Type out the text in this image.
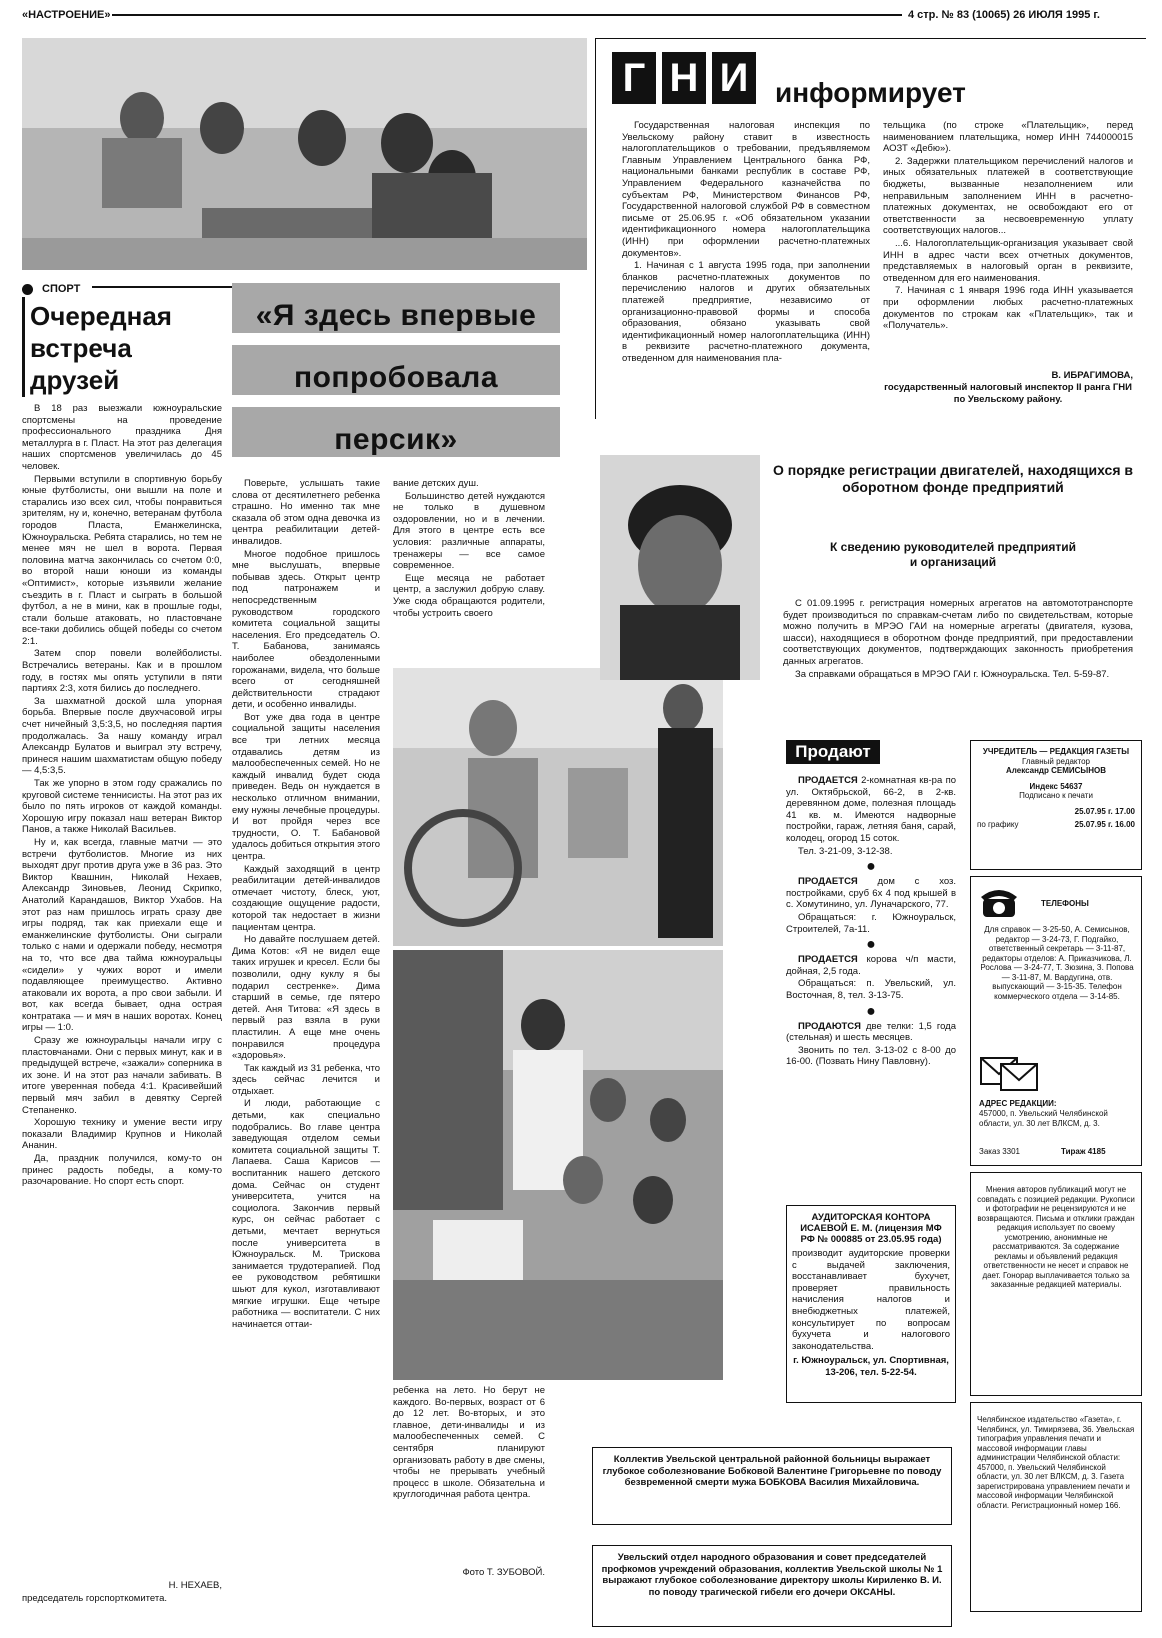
«НАСТРОЕНИЕ»	4 стр. № 83 (10065) 26 ИЮЛЯ 1995 г.
СПОРТ
Очередная
встреча
друзей

В 18 раз выезжали южноуральские спортсмены на проведение профессионального праздника Дня металлурга в г. Пласт. На этот раз делегация наших спортсменов увеличилась до 45 человек.

Первыми вступили в спортивную борьбу юные футболисты, они вышли на поле и старались изо всех сил, чтобы понравиться зрителям, ну и, конечно, ветеранам футбола городов Пласта, Еманжелинска, Южноуральска. Ребята старались, но тем не менее мяч не шел в ворота. Первая половина матча закончилась со счетом 0:0, во второй наши юноши из команды «Оптимист», которые изъявили желание съездить в г. Пласт и сыграть в большой футбол, а не в мини, как в прошлые годы, стали больше атаковать, но пластовчане все-таки добились общей победы со счетом 2:1.

Затем спор повели волейболисты. Встречались ветераны. Как и в прошлом году, в гостях мы опять уступили в пяти партиях 2:3, хотя бились до последнего.

За шахматной доской шла упорная борьба. Впервые после двухчасовой игры счет ничейный 3,5:3,5, но последняя партия продолжалась. За нашу команду играл Александр Булатов и выиграл эту встречу, принеся нашим шахматистам общую победу — 4,5:3,5.

Так же упорно в этом году сражались по круговой системе теннисисты. На этот раз их было по пять игроков от каждой команды. Хорошую игру показал наш ветеран Виктор Панов, а также Николай Васильев.

Ну и, как всегда, главные матчи — это встречи футболистов. Многие из них выходят друг против друга уже в 36 раз. Это Виктор Квашнин, Николай Нехаев, Александр Зиновьев, Леонид Скрипко, Анатолий Карандашов, Виктор Ухабов. На этот раз нам пришлось играть сразу две игры подряд, так как приехали еще и еманжелинские футболисты. Они сыграли только с нами и одержали победу, несмотря на то, что все два тайма южноуральцы «сидели» у чужих ворот и имели подавляющее преимущество. Активно атаковали их ворота, а про свои забыли. И вот, как всегда бывает, одна острая контратака — и мяч в наших воротах. Конец игры — 1:0.

Сразу же южноуральцы начали игру с пластовчанами. Они с первых минут, как и в предыдущей встрече, «зажали» соперника в их зоне. И на этот раз начали забивать. В итоге уверенная победа 4:1. Красивейший первый мяч забил в девятку Сергей Степаненко.

Хорошую технику и умение вести игру показали Владимир Крупнов и Николай Ананин.

Да, праздник получился, кому-то он принес радость победы, а кому-то разочарование. Но спорт есть спорт.

Н. НЕХАЕВ,
председатель горспорткомитета.
«Я здесь впервые
попробовала
персик»

Поверьте, услышать такие слова от десятилетнего ребенка страшно. Но именно так мне сказала об этом одна девочка из центра реабилитации детей-инвалидов.

Многое подобное пришлось мне выслушать, впервые побывав здесь. Открыт центр под патронажем и непосредственным руководством городского комитета социальной защиты населения. Его председатель О. Т. Бабанова, занимаясь наиболее обездоленными горожанами, видела, что больше всего от сегодняшней действительности страдают дети, и особенно инвалиды.

Вот уже два года в центре социальной защиты населения все три летних месяца отдавались детям из малообеспеченных семей. Но не каждый инвалид будет сюда приведен. Ведь он нуждается в несколько отличном внимании, ему нужны лечебные процедуры. И вот пройдя через все трудности, О. Т. Бабановой удалось добиться открытия этого центра.

Каждый заходящий в центр реабилитации детей-инвалидов отмечает чистоту, блеск, уют, создающие ощущение радости, которой так недостает в жизни пациентам центра.

Но давайте послушаем детей. Дима Котов: «Я не видел еще таких игрушек и кресел. Если бы позволили, одну куклу я бы подарил сестренке». Дима старший в семье, где пятеро детей. Аня Титова: «Я здесь в первый раз взяла в руки пластилин. А еще мне очень понравился процедура «здоровья».

Так каждый из 31 ребенка, что здесь сейчас лечится и отдыхает.

И люди, работающие с детьми, как специально подобрались. Во главе центра заведующая отделом семьи комитета социальной защиты Т. Лапаева. Саша Карисов — воспитанник нашего детского дома. Сейчас он студент университета, учится на социолога. Закончив первый курс, он сейчас работает с детьми, мечтает вернуться после университета в Южноуральск. М. Трискова занимается трудотерапией. Под ее руководством ребятишки шьют для кукол, изготавливают мягкие игрушки. Еще четыре работника — воспитатели. С них начинается оттаи-

вание детских душ.

Большинство детей нуждаются не только в душевном оздоровлении, но и в лечении. Для этого в центре есть все условия: различные аппараты, тренажеры — все самое современное.

Еще месяца не работает центр, а заслужил добрую славу. Уже сюда обращаются родители, чтобы устроить своего

ребенка на лето. Но берут не каждого. Во-первых, возраст от 6 до 12 лет. Во-вторых, и это главное, дети-инвалиды и из малообеспеченных семей. С сентября планируют организовать работу в две смены, чтобы не прерывать учебный процесс в школе. Обязательна и круглогодичная работа центра.

Фото Т. ЗУБОВОЙ.
Г Н И информирует

Государственная налоговая инспекция по Увельскому району ставит в известность налогоплательщиков о требовании, предъявляемом Главным Управлением Центрального банка РФ, национальными банками республик в составе РФ, Управлением Федерального казначейства по субъектам РФ, Министерством Финансов РФ, Государственной налоговой службой РФ в совместном письме от 25.06.95 г. «Об обязательном указании идентификационного номера налогоплательщика (ИНН) при оформлении расчетно-платежных документов».

1. Начиная с 1 августа 1995 года, при заполнении бланков расчетно-платежных документов по перечислению налогов и других обязательных платежей предприятие, независимо от организационно-правовой формы и способа образования, обязано указывать свой идентификационный номер налогоплательщика (ИНН) в реквизите расчетно-платежного документа, отведенном для наименования пла-

тельщика (по строке «Плательщик», перед наименованием плательщика, номер ИНН 744000015 АОЗТ «Дебю»).

2. Задержки плательщиком перечислений налогов и иных обязательных платежей в соответствующие бюджеты, вызванные незаполнением или неправильным заполнением ИНН в расчетно-платежных документах, не освобождают его от ответственности за несвоевременную уплату соответствующих налогов...

...6. Налогоплательщик-организация указывает свой ИНН в адрес части всех отчетных документов, представляемых в налоговый орган в реквизите, отведенном для его наименования.

7. Начиная с 1 января 1996 года ИНН указывается при оформлении любых расчетно-платежных документов по строкам как «Плательщик», так и «Получатель».

В. ИБРАГИМОВА,
государственный налоговый инспектор II ранга ГНИ по Увельскому району.
О порядке регистрации двигателей, находящихся в оборотном фонде предприятий
К сведению руководителей предприятий и организаций

С 01.09.1995 г. регистрация номерных агрегатов на автомототранспорте будет производиться по справкам-счетам либо по свидетельствам, которые можно получить в МРЭО ГАИ на номерные агрегаты (двигателя, кузова, шасси), находящиеся в оборотном фонде предприятий, при предоставлении соответствующих документов, подтверждающих законность приобретения данных агрегатов.

За справками обращаться в МРЭО ГАИ г. Южноуральска. Тел. 5-59-87.

Продают

ПРОДАЕТСЯ 2-комнатная кв-ра по ул. Октябрьской, 66-2, в 2-кв. деревянном доме, полезная площадь 41 кв. м. Имеются надворные постройки, гараж, летняя баня, сарай, колодец, огород 15 соток.

Тел. 3-21-09, 3-12-38.

●

ПРОДАЕТСЯ дом с хоз. постройками, сруб 6х 4 под крышей в с. Хомутинино, ул. Луначарского, 77.

Обращаться: г. Южноуральск, Строителей, 7а-11.

●

ПРОДАЕТСЯ корова ч/п масти, дойная, 2,5 года.

Обращаться: п. Увельский, ул. Восточная, 8, тел. 3-13-75.

●

ПРОДАЮТСЯ две телки: 1,5 года (стельная) и шесть месяцев.

Звонить по тел. 3-13-02 с 8-00 до 16-00. (Позвать Нину Павловну).

АУДИТОРСКАЯ КОНТОРА ИСАЕВОЙ Е. М. (лицензия МФ РФ № 000885 от 23.05.95 года)
производит аудиторские проверки с выдачей заключения, восстанавливает бухучет, проверяет правильность начисления налогов и внебюджетных платежей, консультирует по вопросам бухучета и налогового законодательства.
г. Южноуральск, ул. Спортивная, 13-206, тел. 5-22-54.
Коллектив Увельской центральной районной больницы выражает глубокое соболезнование Бобковой Валентине Григорьевне по поводу безвременной смерти мужа БОБКОВА Василия Михайловича.
Увельский отдел народного образования и совет председателей профкомов учреждений образования, коллектив Увельской школы № 1 выражают глубокое соболезнование директору школы Кириленко В. И. по поводу трагической гибели его дочери ОКСАНЫ.
УЧРЕДИТЕЛЬ — РЕДАКЦИЯ ГАЗЕТЫ
Главный редактор
Александр СЕМИСЫНОВ
Индекс 54637
Подписано к печати
25.07.95 г. 17.00
по графику	25.07.95 г. 16.00
ТЕЛЕФОНЫ
Для справок — 3-25-50, А. Семисынов, редактор — 3-24-73, Г. Подгайко, ответственный секретарь — 3-11-87, редакторы отделов: А. Приказчикова, Л. Рослова — 3-24-77, Т. Зюзина, З. Попова — 3-11-87, М. Вардугина, отв. выпускающий — 3-15-35. Телефон коммерческого отдела — 3-14-85.
АДРЕС РЕДАКЦИИ:
457000, п. Увельский Челябинской области, ул. 30 лет ВЛКСМ, д. 3.
Заказ 3301	Тираж 4185
Мнения авторов публикаций могут не совпадать с позицией редакции. Рукописи и фотографии не рецензируются и не возвращаются. Письма и отклики граждан редакция использует по своему усмотрению, анонимные не рассматриваются. За содержание рекламы и объявлений редакция ответственности не несет и справок не дает. Гонорар выплачивается только за заказанные редакцией материалы.
Челябинское издательство «Газета», г. Челябинск, ул. Тимирязева, 36. Увельская типография управления печати и массовой информации главы администрации Челябинской области: 457000, п. Увельский Челябинской области, ул. 30 лет ВЛКСМ, д. 3. Газета зарегистрирована управлением печати и массовой информации Челябинской области. Регистрационный номер 166.
